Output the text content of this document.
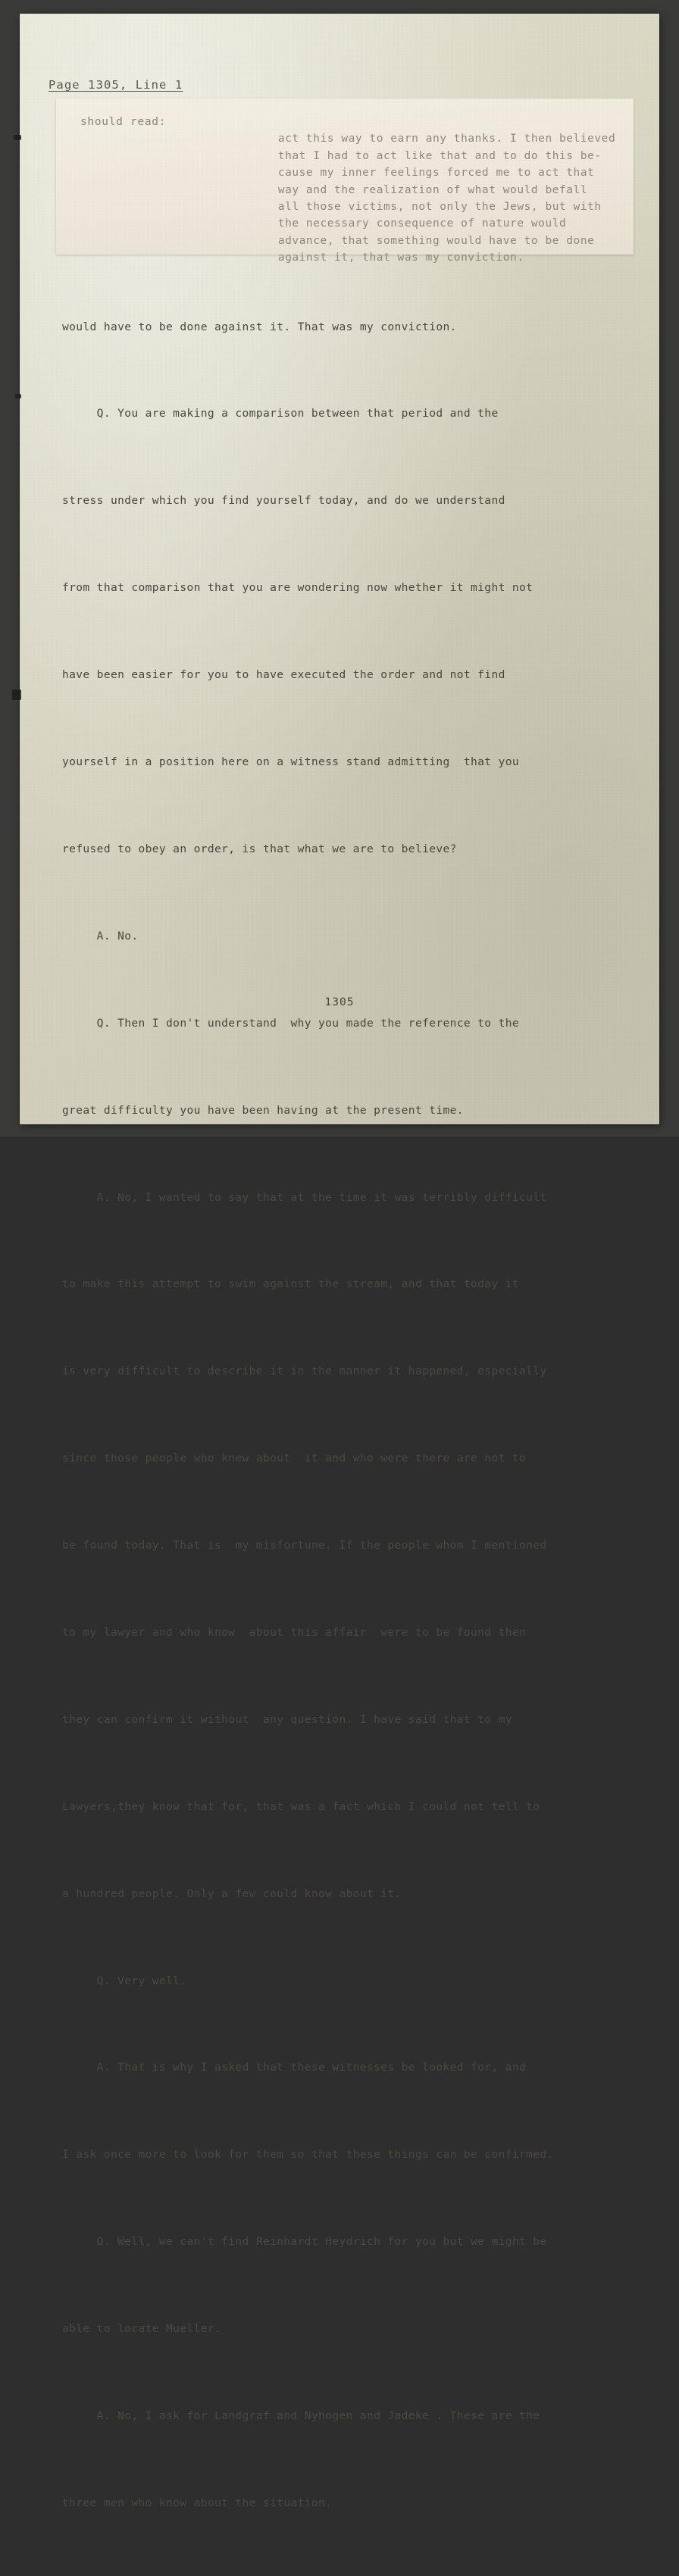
Page 1305, Line 1
should read:

act this way to earn any thanks. I then believed
that I had to act like that and to do this be-
cause my inner feelings forced me to act that
way and the realization of what would befall
all those victims, not only the Jews, but with
the necessary consequence of nature would
advance, that something would have to be done
against it, that was my conviction.

would have to be done against it. That was my conviction.

Q. You are making a comparison between that period and the

stress under which you find yourself today, and do we understand

from that comparison that you are wondering now whether it might not

have been easier for you to have executed the order and not find

yourself in a position here on a witness stand admitting  that you

refused to obey an order, is that what we are to believe?

A. No.

Q. Then I don't understand  why you made the reference to the

great difficulty you have been having at the present time.

A. No, I wanted to say that at the time it was terribly difficult

to make this attempt to swim against the stream, and that today it

is very difficult to describe it in the manner it happened, especially

since those people who knew about  it and who were there are not to

be found today. That is  my misfortune. If the people whom I mentioned

to my lawyer and who know  about this affair  were to be found then

they can confirm it without  any question. I have said that to my

Lawyers,they know that for, that was a fact which I could not tell to

a hundred people. Only a few could know about it.

Q. Very well.

A. That is why I asked that these witnesses be looked for, and

I ask once more to look for them so that these things can be confirmed.

Q. Well, we can't find Reinhardt Heydrich for you but we might be

able to locate Mueller.

A. No, I ask for Landgraf and Nyhogen and Jadeke . These are the

three men who know about the situation.

1305
